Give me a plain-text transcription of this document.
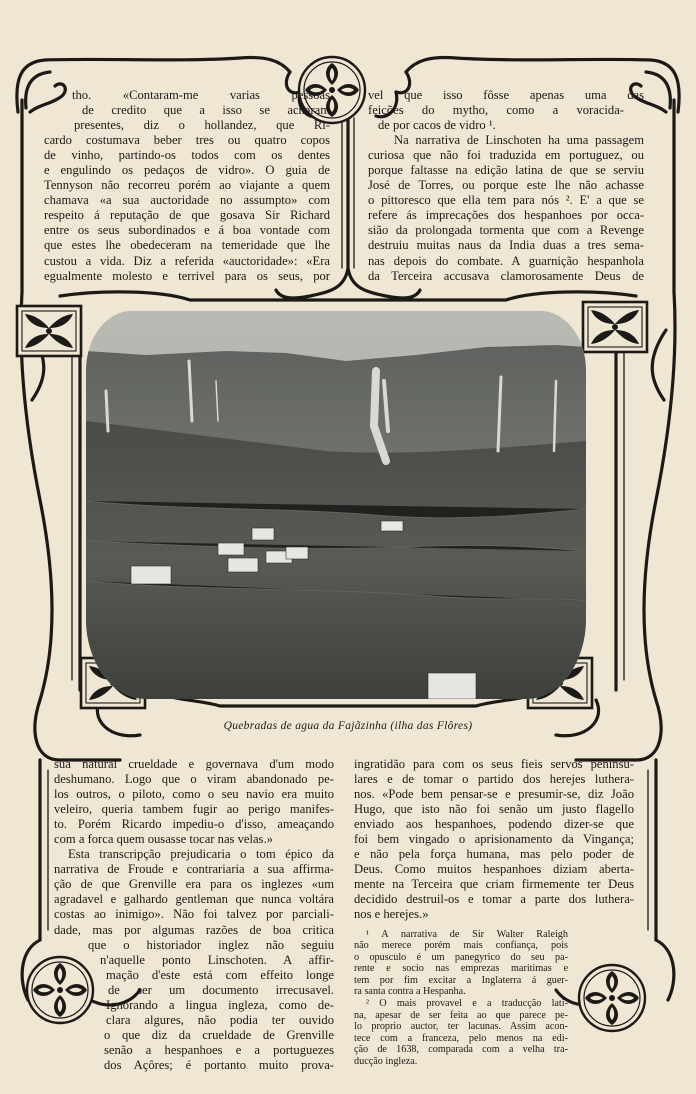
Quebradas de agua da Fajãzinha (ilha das Flôres)
tho. «Contaram-me varias pessoas
de credito que a isso se acharam
presentes, diz o hollandez, que Ri-
cardo costumava beber tres ou quatro copos
de vinho, partindo-os todos com os dentes
e engulindo os pedaços de vidro». O guia de
Tennyson não recorreu porém ao viajante a quem
chamava «a sua auctoridade no assumpto» com
respeito á reputação de que gosava Sir Richard
entre os seus subordinados e á boa vontade com
que estes lhe obedeceram na temeridade que lhe
custou a vida. Diz a referida «auctoridade»: «Era
egualmente molesto e terrivel para os seus, por
vel que isso fôsse apenas uma das
feições do mytho, como a voracida-
de por cacos de vidro ¹.
Na narrativa de Linschoten ha uma passagem
curiosa que não foi traduzida em portuguez, ou
porque faltasse na edição latina de que se serviu
José de Torres, ou porque este lhe não achasse
o pittoresco que ella tem para nós ². E' a que se
refere ás imprecações dos hespanhoes por occa-
sião da prolongada tormenta que com a Revenge
destruiu muitas naus da India duas a tres sema-
nas depois do combate. A guarnição hespanhola
da Terceira accusava clamorosamente Deus de
sua natural crueldade e governava d'um modo
deshumano. Logo que o viram abandonado pe-
los outros, o piloto, como o seu navio era muito
veleiro, queria tambem fugir ao perigo manifes-
to. Porém Ricardo impediu-o d'isso, ameaçando
com a forca quem ousasse tocar nas velas.»
Esta transcripção prejudicaria o tom épico da
narrativa de Froude e contrariaria a sua affirma-
ção de que Grenville era para os inglezes «um
agradavel e galhardo gentleman que nunca voltára
costas ao inimigo». Não foi talvez por parciali-
dade, mas por algumas razões de boa critica
que o historiador inglez não seguiu
n'aquelle ponto Linschoten. A affir-
mação d'este está com effeito longe
de ser um documento irrecusavel.
Ignorando a lingua ingleza, como de-
clara algures, não podia ter ouvido
o que diz da crueldade de Grenville
senão a hespanhoes e a portuguezes
dos Açôres; é portanto muito prova-
ingratidão para com os seus fieis servos peninsu-
lares e de tomar o partido dos herejes luthera-
nos. «Pode bem pensar-se e presumir-se, diz João
Hugo, que isto não foi senão um justo flagello
enviado aos hespanhoes, podendo dizer-se que
foi bem vingado o aprisionamento da Vingança;
e não pela força humana, mas pelo poder de
Deus. Como muitos hespanhoes diziam aberta-
mente na Terceira que criam firmemente ter Deus
decidido destruil-os e tomar a parte dos luthera-
nos e herejes.»
¹ A narrativa de Sir Walter Raleigh
não merece porém mais confiança, pois
o opusculo é um panegyrico do seu pa-
rente e socio nas emprezas maritimas e
tem por fim excitar a Inglaterra á guer-
ra santa contra a Hespanha.
² O mais provavel e a traducção lati-
na, apesar de ser feita ao que parece pe-
lo proprio auctor, ter lacunas. Assim acon-
tece com a franceza, pelo menos na edi-
ção de 1638, comparada com a velha tra-
ducção ingleza.
